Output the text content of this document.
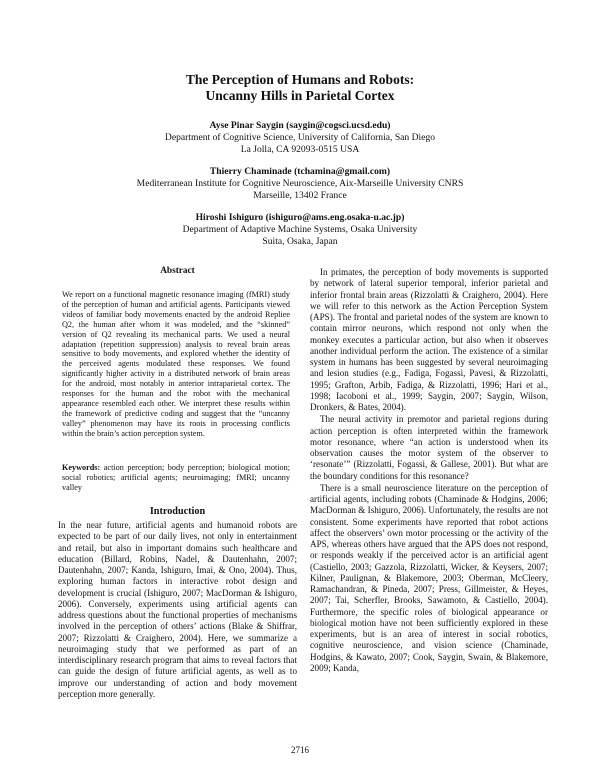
The Perception of Humans and Robots:
Uncanny Hills in Parietal Cortex
Ayse Pinar Saygin (saygin@cogsci.ucsd.edu)
Department of Cognitive Science, University of California, San Diego
La Jolla, CA 92093-0515 USA
Thierry Chaminade (tchamina@gmail.com)
Mediterranean Institute for Cognitive Neuroscience, Aix-Marseille University CNRS
Marseille, 13402 France
Hiroshi Ishiguro (ishiguro@ams.eng.osaka-u.ac.jp)
Department of Adaptive Machine Systems, Osaka University
Suita, Osaka, Japan
Abstract
We report on a functional magnetic resonance imaging (fMRI) study of the perception of human and artificial agents. Participants viewed videos of familiar body movements enacted by the android Repliee Q2, the human after whom it was modeled, and the “skinned” version of Q2 revealing its mechanical parts. We used a neural adaptation (repetition suppression) analysis to reveal brain areas sensitive to body movements, and explored whether the identity of the perceived agents modulated these responses. We found significantly higher activity in a distributed network of brain areas for the android, most notably in anterior intraparietal cortex. The responses for the human and the robot with the mechanical appearance resembled each other. We interpret these results within the framework of predictive coding and suggest that the “uncanny valley” phenomenon may have its roots in processing conflicts within the brain’s action perception system.
Keywords: action perception; body perception; biological motion; social robotics; artificial agents; neuroimaging; fMRI; uncanny valley
Introduction

In the near future, artificial agents and humanoid robots are expected to be part of our daily lives, not only in entertainment and retail, but also in important domains such healthcare and education (Billard, Robins, Nadel, & Dautenhahn, 2007; Dautenhahn, 2007; Kanda, Ishiguro, Imai, & Ono, 2004). Thus, exploring human factors in interactive robot design and development is crucial (Ishiguro, 2007; MacDorman & Ishiguro, 2006). Conversely, experiments using artificial agents can address questions about the functional properties of mechanisms involved in the perception of others’ actions (Blake & Shiffrar, 2007; Rizzolatti & Craighero, 2004). Here, we summarize a neuroimaging study that we performed as part of an interdisciplinary research program that aims to reveal factors that can guide the design of future artificial agents, as well as to improve our understanding of action and body movement perception more generally.

In primates, the perception of body movements is supported by network of lateral superior temporal, inferior parietal and inferior frontal brain areas (Rizzolatti & Craighero, 2004). Here we will refer to this network as the Action Perception System (APS). The frontal and parietal nodes of the system are known to contain mirror neurons, which respond not only when the monkey executes a particular action, but also when it observes another individual perform the action. The existence of a similar system in humans has been suggested by several neuroimaging and lesion studies (e.g., Fadiga, Fogassi, Pavesi, & Rizzolatti, 1995; Grafton, Arbib, Fadiga, & Rizzolatti, 1996; Hari et al., 1998; Iacoboni et al., 1999; Saygin, 2007; Saygin, Wilson, Dronkers, & Bates, 2004).

The neural activity in premotor and parietal regions during action perception is often interpreted within the framework motor resonance, where “an action is understood when its observation causes the motor system of the observer to ‘resonate’” (Rizzolatti, Fogassi, & Gallese, 2001). But what are the boundary conditions for this resonance?

There is a small neuroscience literature on the perception of artificial agents, including robots (Chaminade & Hodgins, 2006; MacDorman & Ishiguro, 2006). Unfortunately, the results are not consistent. Some experiments have reported that robot actions affect the observers’ own motor processing or the activity of the APS, whereas others have argued that the APS does not respond, or responds weakly if the perceived actor is an artificial agent (Castiello, 2003; Gazzola, Rizzolatti, Wicker, & Keysers, 2007; Kilner, Paulignan, & Blakemore, 2003; Oberman, McCleery, Ramachandran, & Pineda, 2007; Press, Gillmeister, & Heyes, 2007; Tai, Scherfler, Brooks, Sawamoto, & Castiello, 2004). Furthermore, the specific roles of biological appearance or biological motion have not been sufficiently explored in these experiments, but is an area of interest in social robotics, cognitive neuroscience, and vision science (Chaminade, Hodgins, & Kawato, 2007; Cook, Saygin, Swain, & Blakemore, 2009; Kanda,

2716
